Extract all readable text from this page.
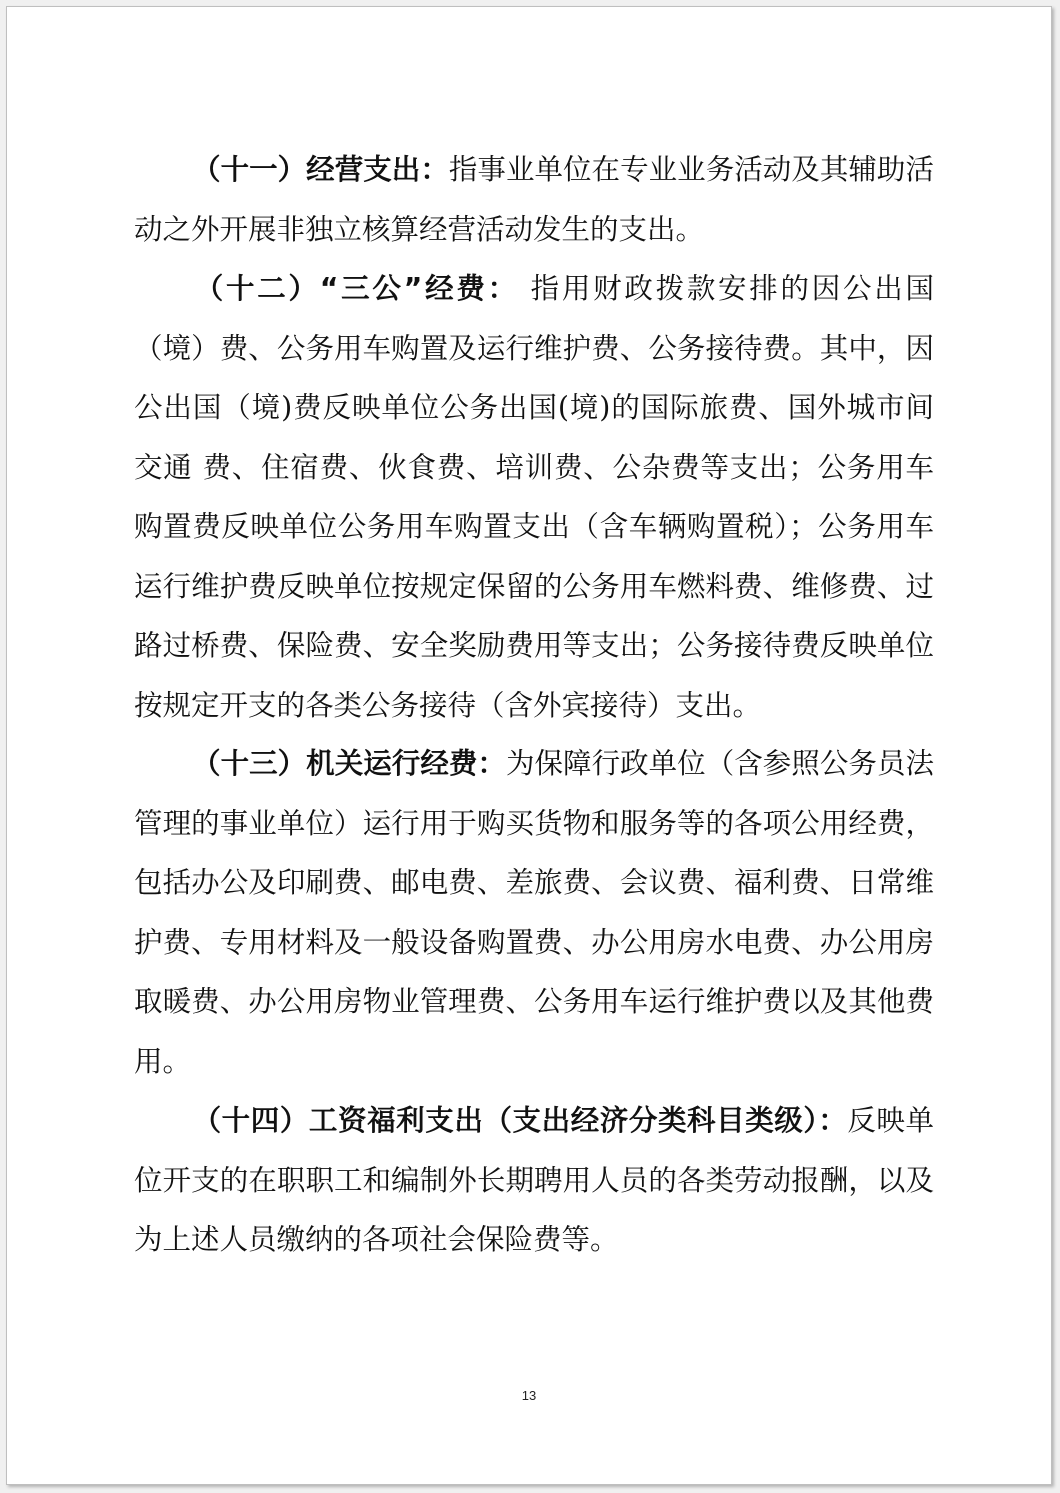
（十一）经营支出：指事业单位在专业业务活动及其辅助活动之外开展非独立核算经营活动发生的支出。

（十二）“三公”经费： 指用财政拨款安排的因公出国（境）费、公务用车购置及运行维护费、公务接待费。其中，因公出国（境)费反映单位公务出国(境)的国际旅费、国外城市间交通 费、住宿费、伙食费、培训费、公杂费等支出；公务用车购置费反映单位公务用车购置支出（含车辆购置税）；公务用车运行维护费反映单位按规定保留的公务用车燃料费、维修费、过路过桥费、保险费、安全奖励费用等支出；公务接待费反映单位按规定开支的各类公务接待（含外宾接待）支出。

（十三）机关运行经费：为保障行政单位（含参照公务员法管理的事业单位）运行用于购买货物和服务等的各项公用经费，包括办公及印刷费、邮电费、差旅费、会议费、福利费、日常维护费、专用材料及一般设备购置费、办公用房水电费、办公用房取暖费、办公用房物业管理费、公务用车运行维护费以及其他费用。

（十四）工资福利支出（支出经济分类科目类级）：反映单位开支的在职职工和编制外长期聘用人员的各类劳动报酬，以及为上述人员缴纳的各项社会保险费等。

13
